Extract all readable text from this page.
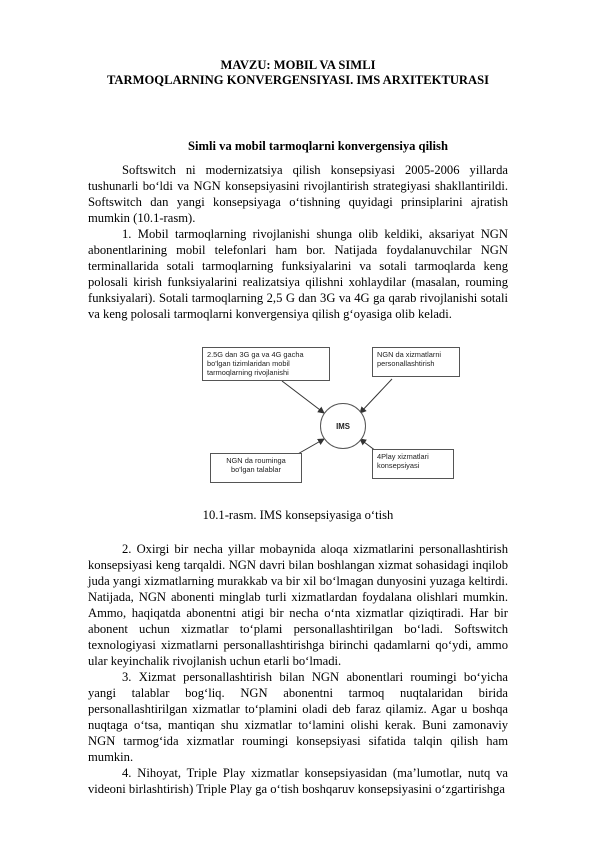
MAVZU: MOBIL VA SIMLI
TARMOQLARNING KONVERGENSIYASI. IMS ARXITEKTURASI
Simli va mobil tarmoqlarni konvergensiya qilish

Softswitch ni modernizatsiya qilish konsepsiyasi 2005-2006 yillarda tushunarli bo‘ldi va NGN konsepsiyasini rivojlantirish strategiyasi shakllantirildi. Softswitch dan yangi konsepsiyaga o‘tishning quyidagi prinsiplarini ajratish mumkin (10.1-rasm).

1. Mobil tarmoqlarning rivojlanishi shunga olib keldiki, aksariyat NGN abonentlarining mobil telefonlari ham bor. Natijada foydalanuvchilar NGN terminallarida sotali tarmoqlarning funksiyalarini va sotali tarmoqlarda keng polosali kirish funksiyalarini realizatsiya qilishni xohlaydilar (masalan, rouming funksiyalari). Sotali tarmoqlarning 2,5 G dan 3G va 4G ga qarab rivojlanishi sotali va keng polosali tarmoqlarni konvergensiya qilish g‘oyasiga olib keladi.

2.5G dan 3G ga va 4G gacha bo'lgan tizimlaridan mobil tarmoqlarning rivojlanishi
NGN da xizmatlarni personallashtirish
IMS
NGN da rouminga bo'lgan talablar
4Play xizmatlari konsepsiyasi
10.1-rasm. IMS konsepsiyasiga o‘tish

2. Oxirgi bir necha yillar mobaynida aloqa xizmatlarini personallashtirish konsepsiyasi keng tarqaldi. NGN davri bilan boshlangan xizmat sohasidagi inqilob juda yangi xizmatlarning murakkab va bir xil bo‘lmagan dunyosini yuzaga keltirdi. Natijada, NGN abonenti minglab turli xizmatlardan foydalana olishlari mumkin. Ammo, haqiqatda abonentni atigi bir necha o‘nta xizmatlar qiziqtiradi. Har bir abonent uchun xizmatlar to‘plami personallashtirilgan bo‘ladi. Softswitch texnologiyasi xizmatlarni personallashtirishga birinchi qadamlarni qo‘ydi, ammo ular keyinchalik rivojlanish uchun etarli bo‘lmadi.

3. Xizmat personallashtirish bilan NGN abonentlari roumingi bo‘yicha yangi talablar bog‘liq. NGN abonentni tarmoq nuqtalaridan birida personallashtirilgan xizmatlar to‘plamini oladi deb faraz qilamiz. Agar u boshqa nuqtaga o‘tsa, mantiqan shu xizmatlar to‘lamini olishi kerak. Buni zamonaviy NGN tarmog‘ida xizmatlar roumingi konsepsiyasi sifatida talqin qilish ham mumkin.

4. Nihoyat, Triple Play xizmatlar konsepsiyasidan (ma’lumotlar, nutq va videoni birlashtirish) Triple Play ga o‘tish boshqaruv konsepsiyasini o‘zgartirishga
